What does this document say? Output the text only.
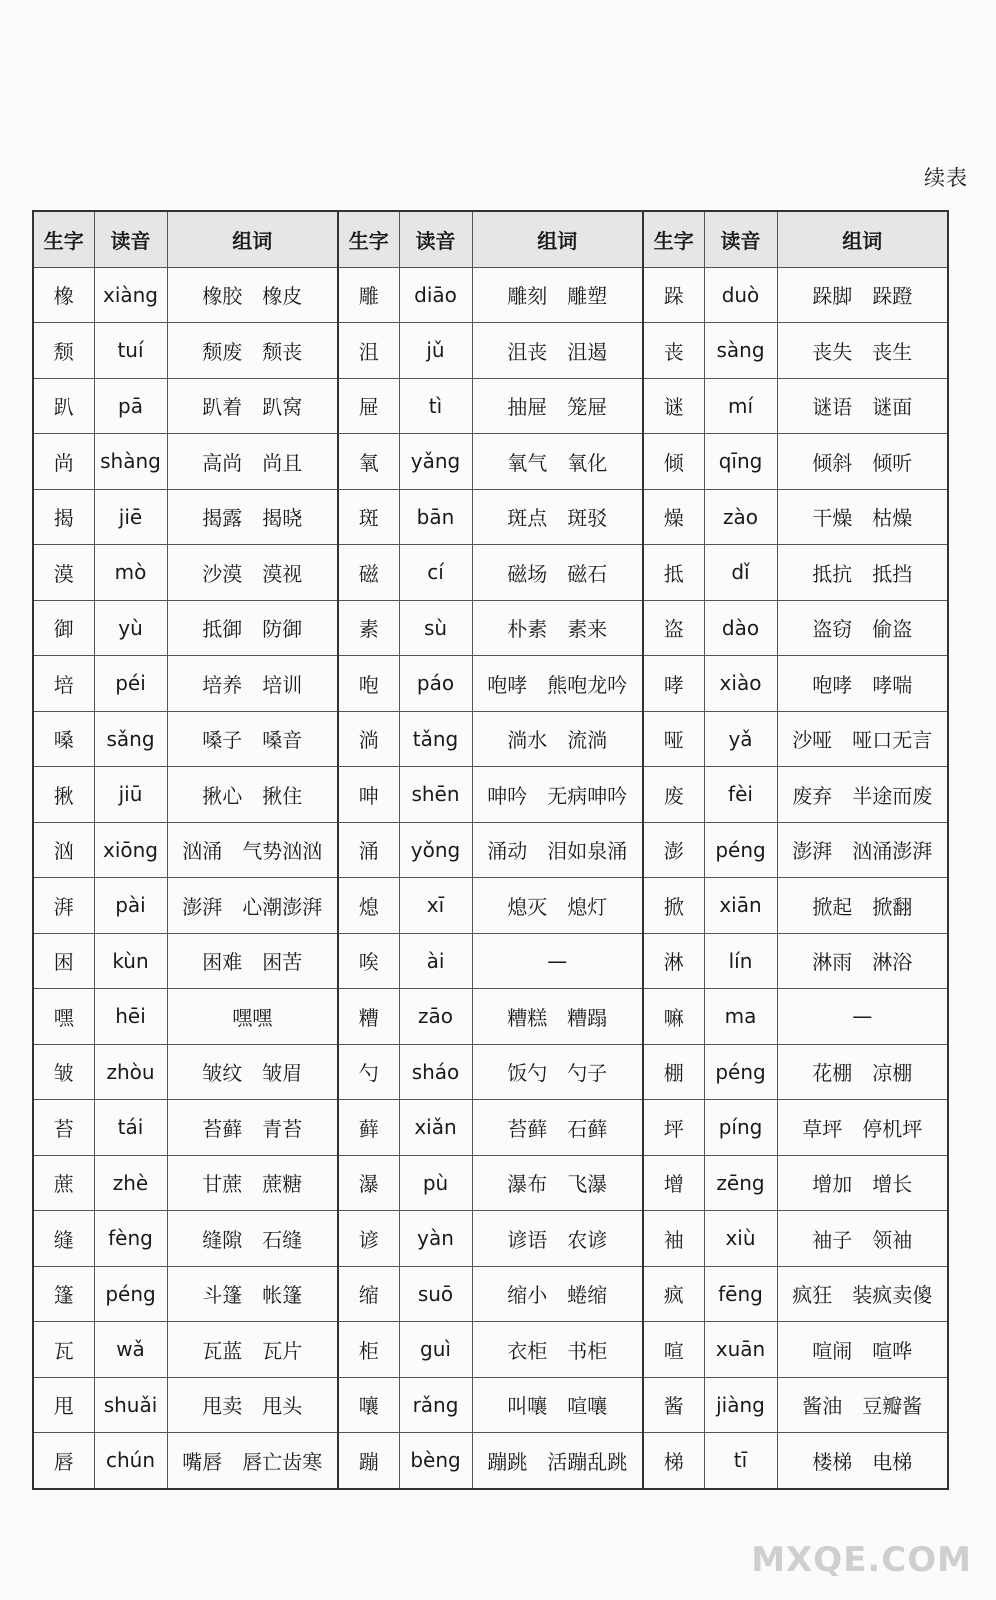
续表
生字	读音	组词
橡	xiàng	橡胶　橡皮
颓	tuí	颓废　颓丧
趴	pā	趴着　趴窝
尚	shàng	高尚　尚且
揭	jiē	揭露　揭晓
漠	mò	沙漠　漠视
御	yù	抵御　防御
培	péi	培养　培训
嗓	sǎng	嗓子　嗓音
揪	jiū	揪心　揪住
汹	xiōng	汹涌　气势汹汹
湃	pài	澎湃　心潮澎湃
困	kùn	困难　困苦
嘿	hēi	嘿嘿
皱	zhòu	皱纹　皱眉
苔	tái	苔藓　青苔
蔗	zhè	甘蔗　蔗糖
缝	fèng	缝隙　石缝
篷	péng	斗篷　帐篷
瓦	wǎ	瓦蓝　瓦片
甩	shuǎi	甩卖　甩头
唇	chún	嘴唇　唇亡齿寒
生字	读音	组词
雕	diāo	雕刻　雕塑
沮	jǔ	沮丧　沮遏
屉	tì	抽屉　笼屉
氧	yǎng	氧气　氧化
斑	bān	斑点　斑驳
磁	cí	磁场　磁石
素	sù	朴素　素来
咆	páo	咆哮　熊咆龙吟
淌	tǎng	淌水　流淌
呻	shēn	呻吟　无病呻吟
涌	yǒng	涌动　泪如泉涌
熄	xī	熄灭　熄灯
唉	ài	—
糟	zāo	糟糕　糟蹋
勺	sháo	饭勺　勺子
藓	xiǎn	苔藓　石藓
瀑	pù	瀑布　飞瀑
谚	yàn	谚语　农谚
缩	suō	缩小　蜷缩
柜	guì	衣柜　书柜
嚷	rǎng	叫嚷　喧嚷
蹦	bèng	蹦跳　活蹦乱跳
生字	读音	组词
跺	duò	跺脚　跺蹬
丧	sàng	丧失　丧生
谜	mí	谜语　谜面
倾	qīng	倾斜　倾听
燥	zào	干燥　枯燥
抵	dǐ	抵抗　抵挡
盗	dào	盗窃　偷盗
哮	xiào	咆哮　哮喘
哑	yǎ	沙哑　哑口无言
废	fèi	废弃　半途而废
澎	péng	澎湃　汹涌澎湃
掀	xiān	掀起　掀翻
淋	lín	淋雨　淋浴
嘛	ma	—
棚	péng	花棚　凉棚
坪	píng	草坪　停机坪
增	zēng	增加　增长
袖	xiù	袖子　领袖
疯	fēng	疯狂　装疯卖傻
喧	xuān	喧闹　喧哗
酱	jiàng	酱油　豆瓣酱
梯	tī	楼梯　电梯
MXQE.COM
